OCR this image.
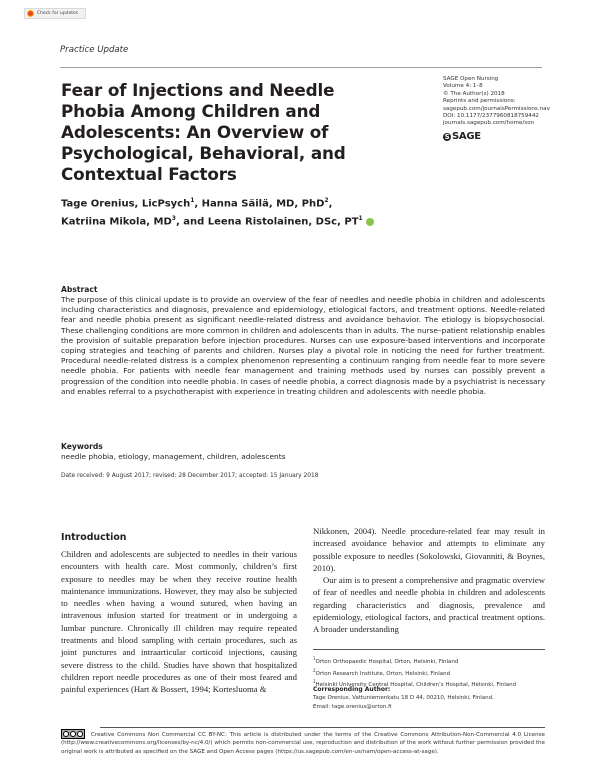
Check for updates
Practice Update
SAGE Open Nursing
Volume 4: 1–8
© The Author(s) 2018
Reprints and permissions:
sagepub.com/journalsPermissions.nav
DOI: 10.1177/2377960818759442
journals.sagepub.com/home/son
S SAGE
Fear of Injections and Needle Phobia Among Children and Adolescents: An Overview of Psychological, Behavioral, and Contextual Factors
Tage Orenius, LicPsych$^1$, Hanna Säilä, MD, PhD$^2$,
Katriina Mikola, $MD^3$, and Leena Ristolainen, DSc, $PT^1$
Abstract
The purpose of this clinical update is to provide an overview of the fear of needles and needle phobia in children and adolescents including characteristics and diagnosis, prevalence and epidemiology, etiological factors, and treatment options. Needle-related fear and needle phobia present as significant needle-related distress and avoidance behavior. The etiology is biopsychosocial. These challenging conditions are more common in children and adolescents than in adults. The nurse–patient relationship enables the provision of suitable preparation before injection procedures. Nurses can use exposure-based interventions and incorporate coping strategies and teaching of parents and children. Nurses play a pivotal role in noticing the need for further treatment. Procedural needle-related distress is a complex phenomenon representing a continuum ranging from needle fear to more severe needle phobia. For patients with needle fear management and training methods used by nurses can possibly prevent a progression of the condition into needle phobia. In cases of needle phobia, a correct diagnosis made by a psychiatrist is necessary and enables referral to a psychotherapist with experience in treating children and adolescents with needle phobia.
Keywords
needle phobia, etiology, management, children, adolescents
Date received: 9 August 2017; revised: 28 December 2017; accepted: 15 January 2018
Introduction

Children and adolescents are subjected to needles in their various encounters with health care. Most commonly, children’s first exposure to needles may be when they receive routine health maintenance immunizations. However, they may also be subjected to needles when having a wound sutured, when having an intravenous infusion started for treatment or in undergoing a lumbar puncture. Chronically ill children may require repeated treatments and blood sampling with certain procedures, such as joint punctures and intraarticular corticoid injections, causing severe distress to the child. Studies have shown that hospitalized children report needle procedures as one of their most feared and painful experiences (Hart & Bossert, 1994; Kortesluoma &

Nikkonen, 2004). Needle procedure-related fear may result in increased avoidance behavior and attempts to eliminate any possible exposure to needles (Sokolowski, Giovanniti, & Boynes, 2010).

Our aim is to present a comprehensive and pragmatic overview of fear of needles and needle phobia in children and adolescents regarding characteristics and diagnosis, prevalence and epidemiology, etiological factors, and practical treatment options. A broader understanding

$^1$Orton Orthopaedic Hospital, Orton, Helsinki, Finland
$^2$Orton Research Institute, Orton, Helsinki, Finland
$^3$Helsinki University Central Hospital, Children’s Hospital, Helsinki, Finland
Corresponding Author:
Tage Orenius, Vattuniemenkatu 18 D 44, 00210, Helsinki, Finland.
Email: tage.orenius@orton.fi
Creative Commons Non Commercial CC BY-NC: This article is distributed under the terms of the Creative Commons Attribution-Non-Commercial 4.0 License (http://www.creativecommons.org/licenses/by-nc/4.0/) which permits non-commercial use, reproduction and distribution of the work without further permission provided the original work is attributed as specified on the SAGE and Open Access pages (https://us.sagepub.com/en-us/nam/open-access-at-sage).
